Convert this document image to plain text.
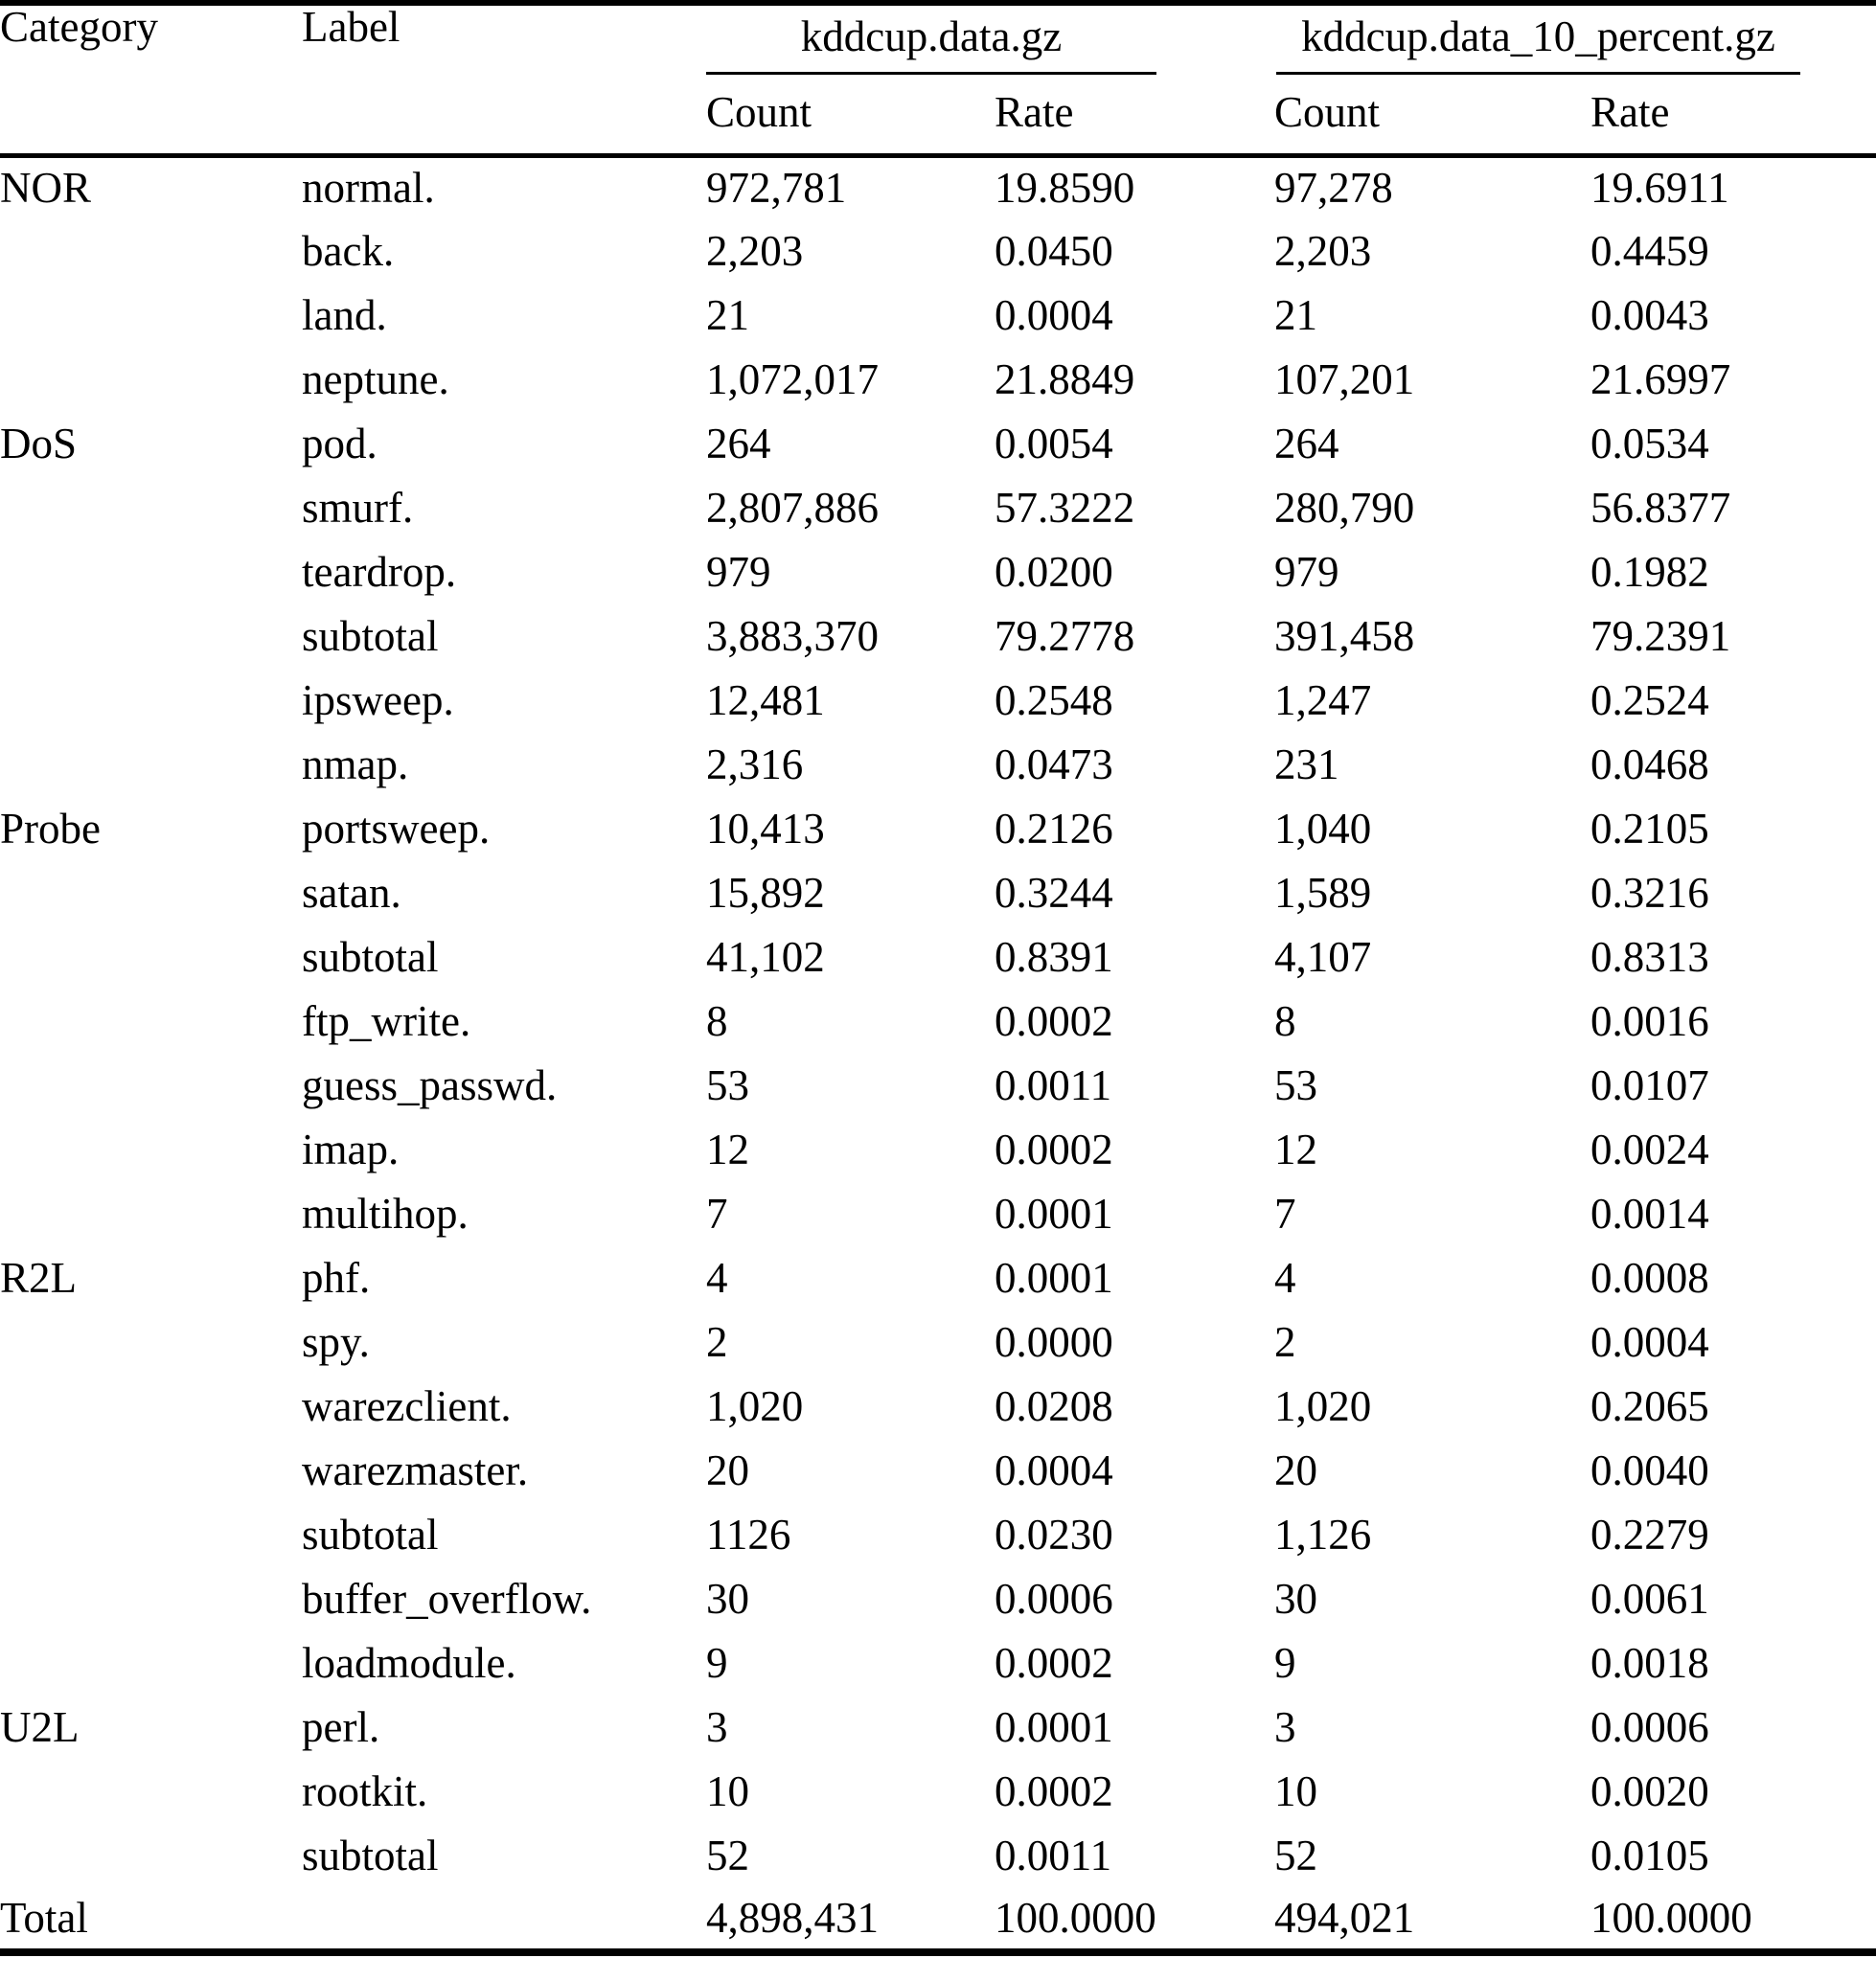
Category	Label	kddcup.data.gz		kddcup.data_10_percent.gz	

		Count	Rate	Count	Rate
NOR	normal.	972,781	19.8590	97,278	19.6911
	back.	2,203	0.0450	2,203	0.4459
	land.	21	0.0004	21	0.0043
	neptune.	1,072,017	21.8849	107,201	21.6997
DoS	pod.	264	0.0054	264	0.0534
	smurf.	2,807,886	57.3222	280,790	56.8377
	teardrop.	979	0.0200	979	0.1982
	subtotal	3,883,370	79.2778	391,458	79.2391
	ipsweep.	12,481	0.2548	1,247	0.2524
	nmap.	2,316	0.0473	231	0.0468
Probe	portsweep.	10,413	0.2126	1,040	0.2105
	satan.	15,892	0.3244	1,589	0.3216
	subtotal	41,102	0.8391	4,107	0.8313
	ftp_write.	8	0.0002	8	0.0016
	guess_passwd.	53	0.0011	53	0.0107
	imap.	12	0.0002	12	0.0024
	multihop.	7	0.0001	7	0.0014
R2L	phf.	4	0.0001	4	0.0008
	spy.	2	0.0000	2	0.0004
	warezclient.	1,020	0.0208	1,020	0.2065
	warezmaster.	20	0.0004	20	0.0040
	subtotal	1126	0.0230	1,126	0.2279
	buffer_overflow.	30	0.0006	30	0.0061
	loadmodule.	9	0.0002	9	0.0018
U2L	perl.	3	0.0001	3	0.0006
	rootkit.	10	0.0002	10	0.0020
	subtotal	52	0.0011	52	0.0105
Total		4,898,431	100.0000	494,021	100.0000
